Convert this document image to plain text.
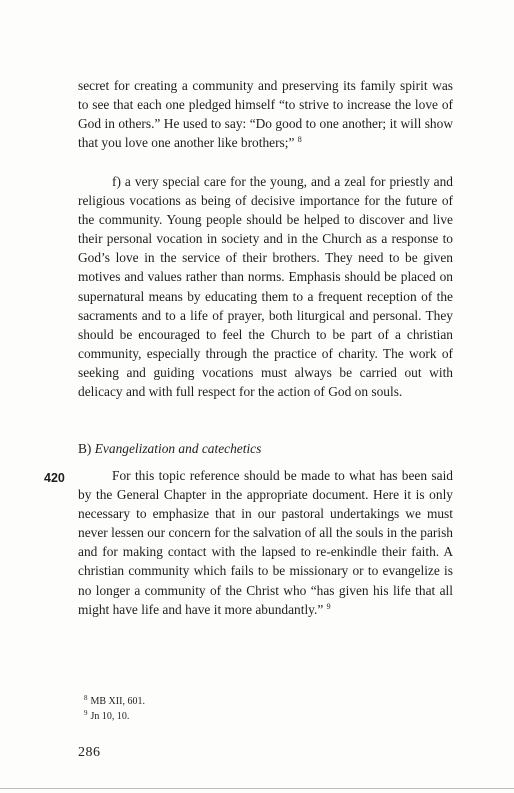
secret for creating a community and preserving its family spirit was to see that each one pledged himself “to strive to increase the love of God in others.” He used to say: “Do good to one another; it will show that you love one another like brothers;” $^8$

f) a very special care for the young, and a zeal for priestly and religious vocations as being of decisive importance for the future of the community. Young people should be helped to discover and live their personal vocation in society and in the Church as a response to God’s love in the service of their brothers. They need to be given motives and values rather than norms. Emphasis should be placed on supernatural means by educating them to a frequent reception of the sacraments and to a life of prayer, both liturgical and personal. They should be encouraged to feel the Church to be part of a christian community, especially through the practice of charity. The work of seeking and guiding vocations must always be carried out with delicacy and with full respect for the action of God on souls.

B) Evangelization and catechetics
420	For this topic reference should be made to what has been said by the General Chapter in the appropriate document. Here it is only necessary to emphasize that in our pastoral undertakings we must never lessen our concern for the salvation of all the souls in the parish and for making contact with the lapsed to re-enkindle their faith. A christian community which fails to be missionary or to evangelize is no longer a community of the Christ who “has given his life that all might have life and have it more abundantly.” $^9$

$^8$ MB XII, 601.
$^9$ Jn 10, 10.
286
